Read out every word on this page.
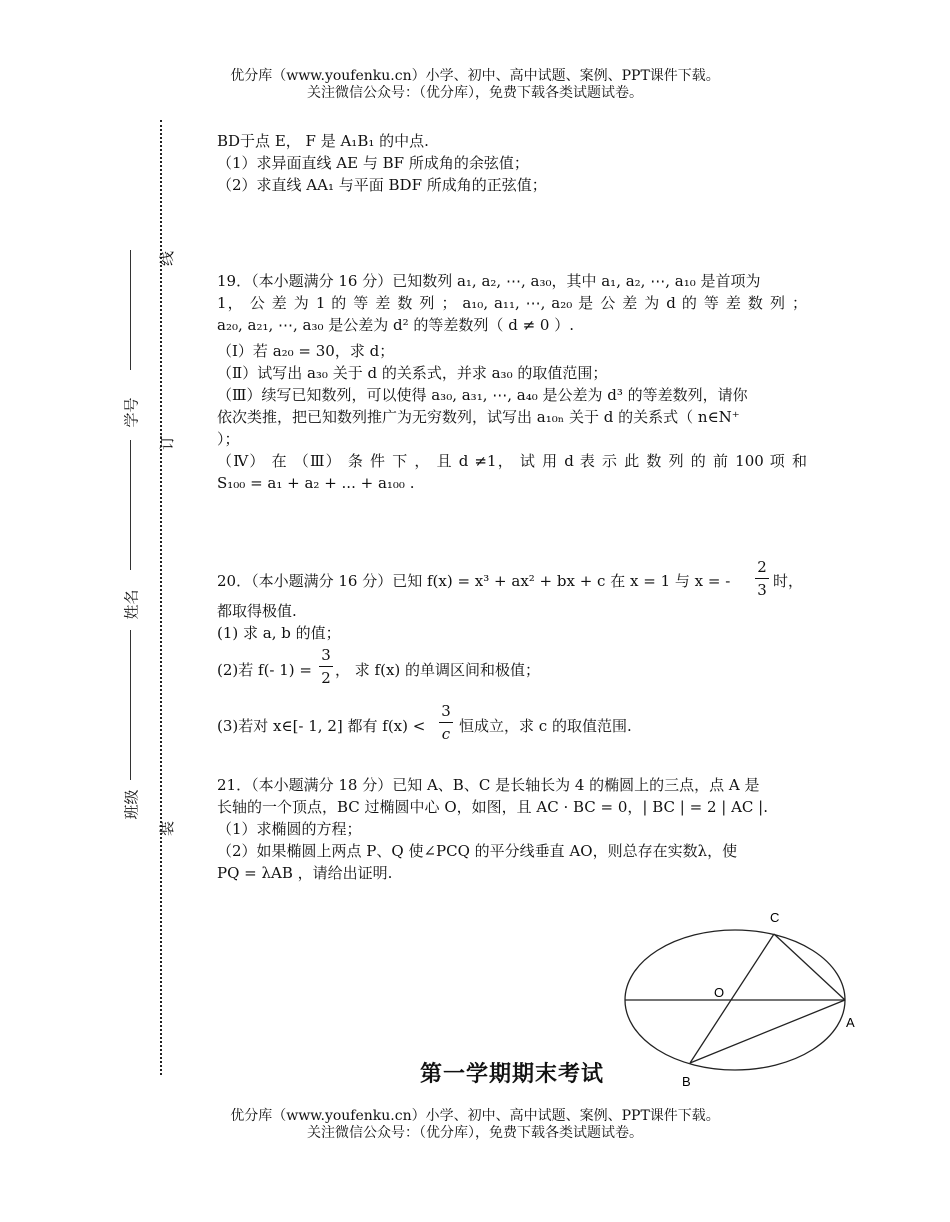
优分库（www.youfenku.cn）小学、初中、高中试题、案例、PPT课件下载。
关注微信公众号：（优分库），免费下载各类试题试卷。
线
订
装
学号
姓名
班级

BD于点 E， F 是 A₁B₁ 的中点.

（1）求异面直线 AE 与 BF 所成角的余弦值；

（2）求直线 AA₁ 与平面 BDF 所成角的正弦值；

19．（本小题满分 16 分）已知数列 a₁, a₂, ⋯, a₃₀，其中 a₁, a₂, ⋯, a₁₀ 是首项为

1， 公 差 为 1 的 等 差 数 列 ； a₁₀, a₁₁, ⋯, a₂₀ 是 公 差 为 d 的 等 差 数 列 ；

a₂₀, a₂₁, ⋯, a₃₀ 是公差为 d² 的等差数列（ d ≠ 0 ）.

（Ⅰ）若 a₂₀ = 30，求 d；

（Ⅱ）试写出 a₃₀ 关于 d 的关系式，并求 a₃₀ 的取值范围；

（Ⅲ）续写已知数列，可以使得 a₃₀, a₃₁, ⋯, a₄₀ 是公差为 d³ 的等差数列，请你

依次类推，把已知数列推广为无穷数列，试写出 a₁₀ₙ 关于 d 的关系式（ n∈N⁺

）；

（Ⅳ） 在 （Ⅲ） 条 件 下 ， 且 d ≠1， 试 用 d 表 示 此 数 列 的 前 100 项 和

S₁₀₀ = a₁ + a₂ + ... + a₁₀₀ .

20．（本小题满分 16 分）已知 f(x) = x³ + ax² + bx + c 在 x = 1 与 x = - $\frac{2}{3}$ 时，

都取得极值.

(1) 求 a, b 的值；

(2)若 f(- $1) = \frac{3}{2}$ ， 求 f(x) 的单调区间和极值；

(3)若对 x∈[- 1, 2] 都有 $f(x) < \frac{3}{c}$ 恒成立，求 c 的取值范围.

21．（本小题满分 18 分）已知 A、B、C 是长轴长为 4 的椭圆上的三点，点 A 是

长轴的一个顶点，BC 过椭圆中心 O，如图，且 AC · BC = 0，| BC | = 2 | AC |.

（1）求椭圆的方程；

（2）如果椭圆上两点 P、Q 使∠PCQ 的平分线垂直 AO，则总存在实数λ，使

PQ = λAB ，请给出证明.

C
O
A
B
第一学期期末考试
优分库（www.youfenku.cn）小学、初中、高中试题、案例、PPT课件下载。
关注微信公众号：（优分库），免费下载各类试题试卷。
